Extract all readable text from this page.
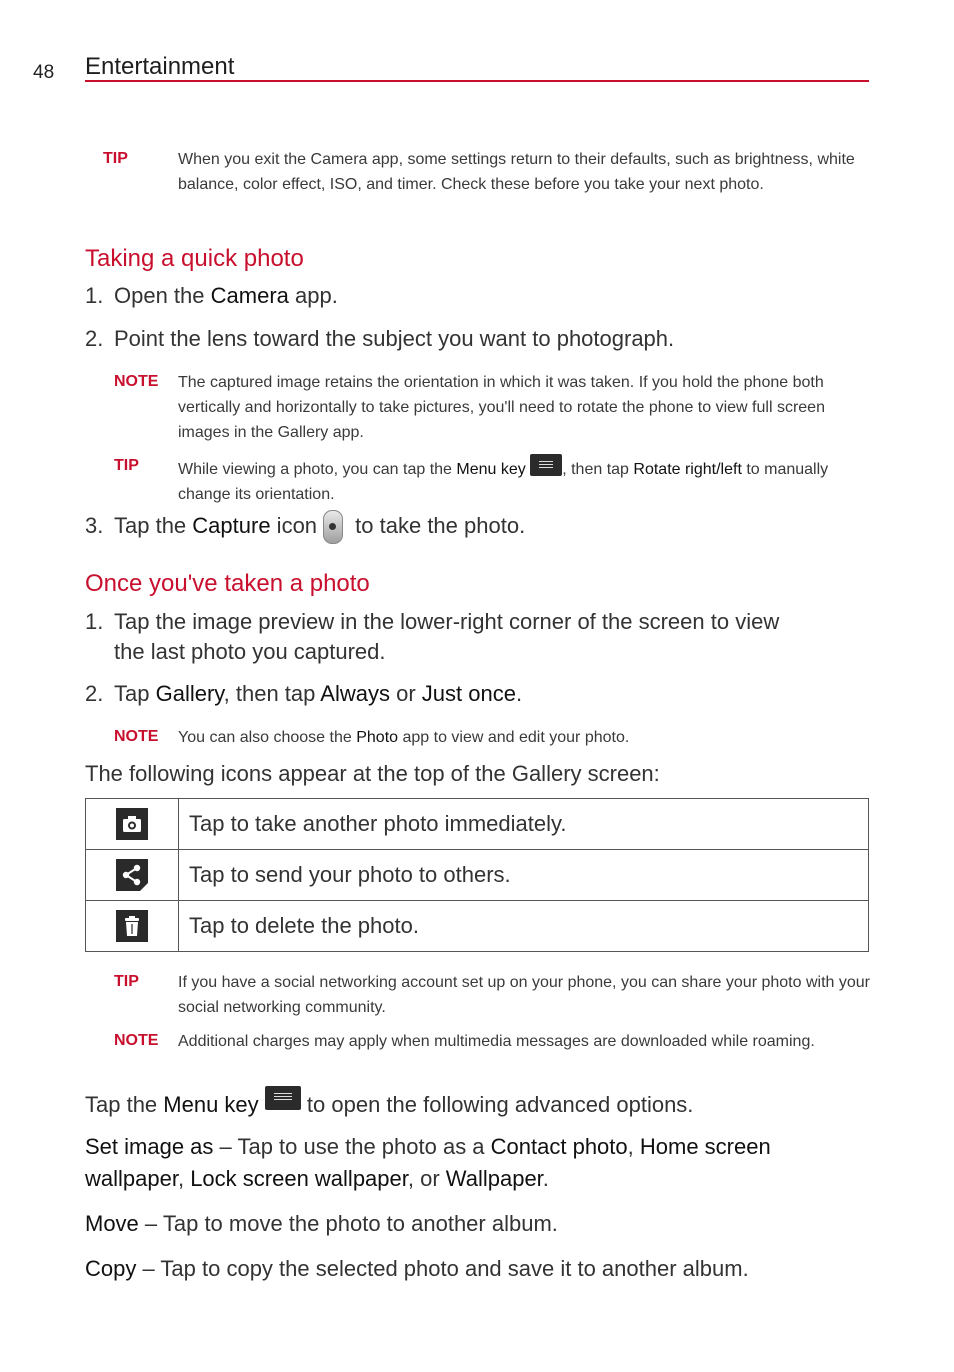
48 Entertainment
TIP	When you exit the Camera app, some settings return to their defaults, such as brightness, white balance, color effect, ISO, and timer. Check these before you take your next photo.
Taking a quick photo
1. Open the Camera app.
2. Point the lens toward the subject you want to photograph.
NOTE The captured image retains the orientation in which it was taken. If you hold the phone both vertically and horizontally to take pictures, you'll need to rotate the phone to view full screen images in the Gallery app.
TIP While viewing a photo, you can tap the Menu key , then tap Rotate right/left to manually change its orientation.
3. Tap the Capture icon to take the photo.
Once you've taken a photo
1. Tap the image preview in the lower-right corner of the screen to view
the last photo you captured.
2. Tap Gallery, then tap Always or Just once.
NOTE You can also choose the Photo app to view and edit your photo.
The following icons appear at the top of the Gallery screen:
	Tap to take another photo immediately.
	Tap to send your photo to others.
	Tap to delete the photo.
TIP If you have a social networking account set up on your phone, you can share your photo with your social networking community.
NOTE Additional charges may apply when multimedia messages are downloaded while roaming.
Tap the Menu key  to open the following advanced options.
Set image as – Tap to use the photo as a Contact photo, Home screen
wallpaper, Lock screen wallpaper, or Wallpaper.
Move – Tap to move the photo to another album.
Copy – Tap to copy the selected photo and save it to another album.
